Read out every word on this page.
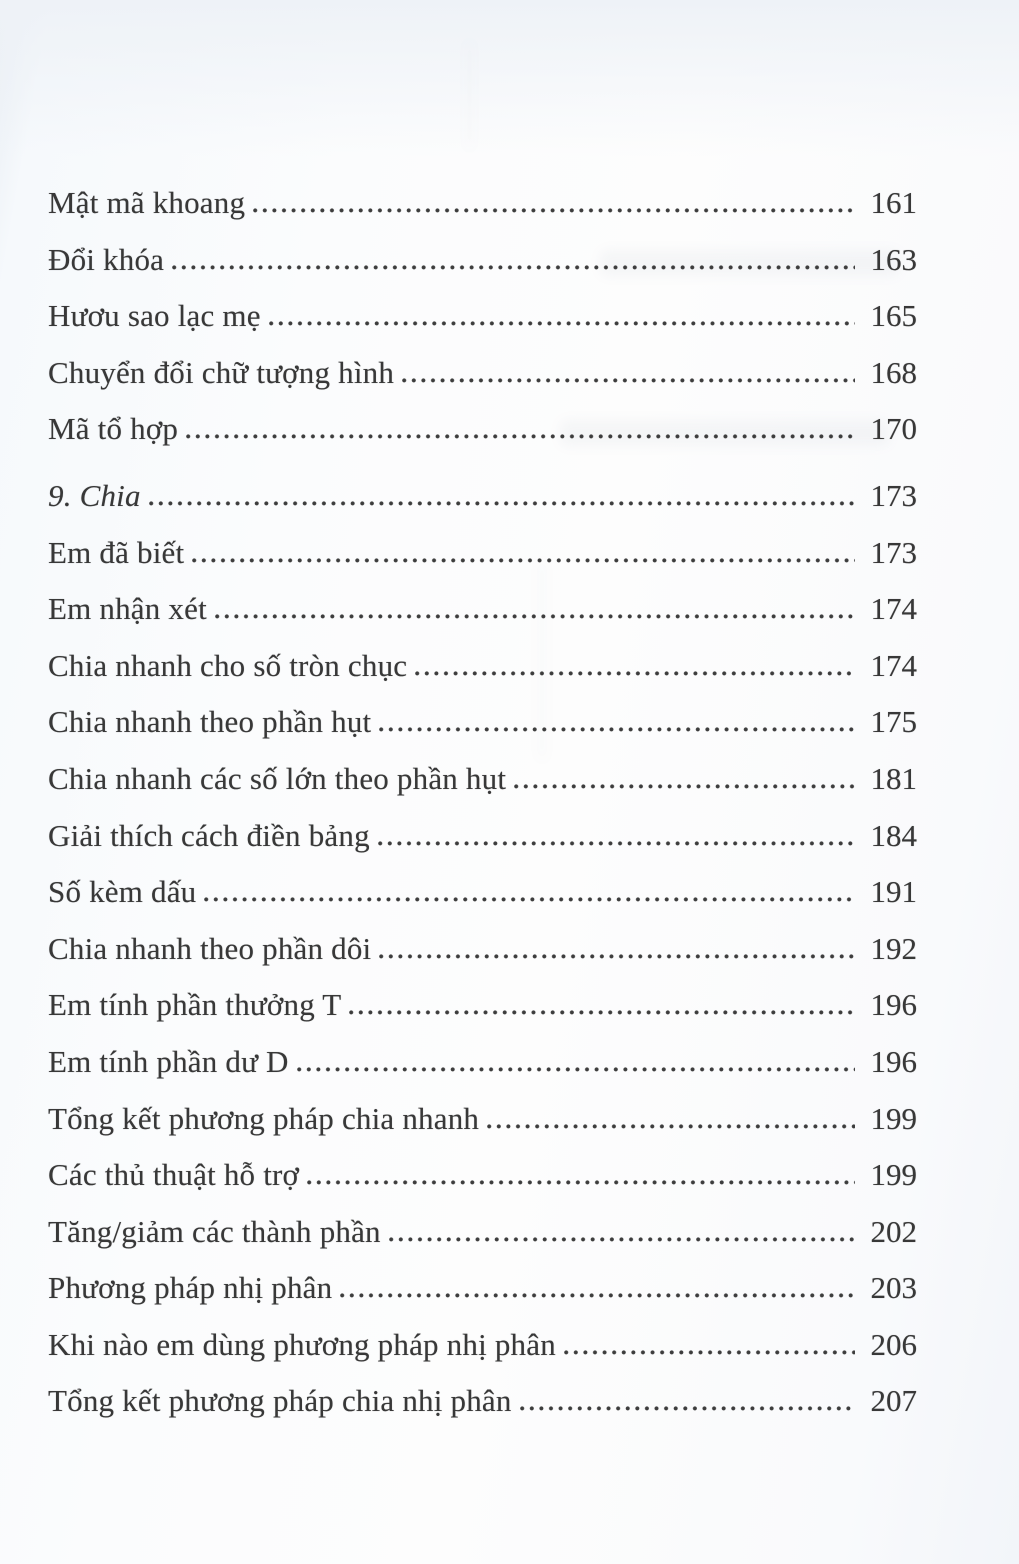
Mật mã khoang	161
Đổi khóa	163
Hươu sao lạc mẹ	165
Chuyển đổi chữ tượng hình	168
Mã tổ hợp	170
9. Chia	173
Em đã biết	173
Em nhận xét	174
Chia nhanh cho số tròn chục	174
Chia nhanh theo phần hụt	175
Chia nhanh các số lớn theo phần hụt	181
Giải thích cách điền bảng	184
Số kèm dấu	191
Chia nhanh theo phần dôi	192
Em tính phần thưởng T	196
Em tính phần dư D	196
Tổng kết phương pháp chia nhanh	199
Các thủ thuật hỗ trợ	199
Tăng/giảm các thành phần	202
Phương pháp nhị phân	203
Khi nào em dùng phương pháp nhị phân	206
Tổng kết phương pháp chia nhị phân	207
